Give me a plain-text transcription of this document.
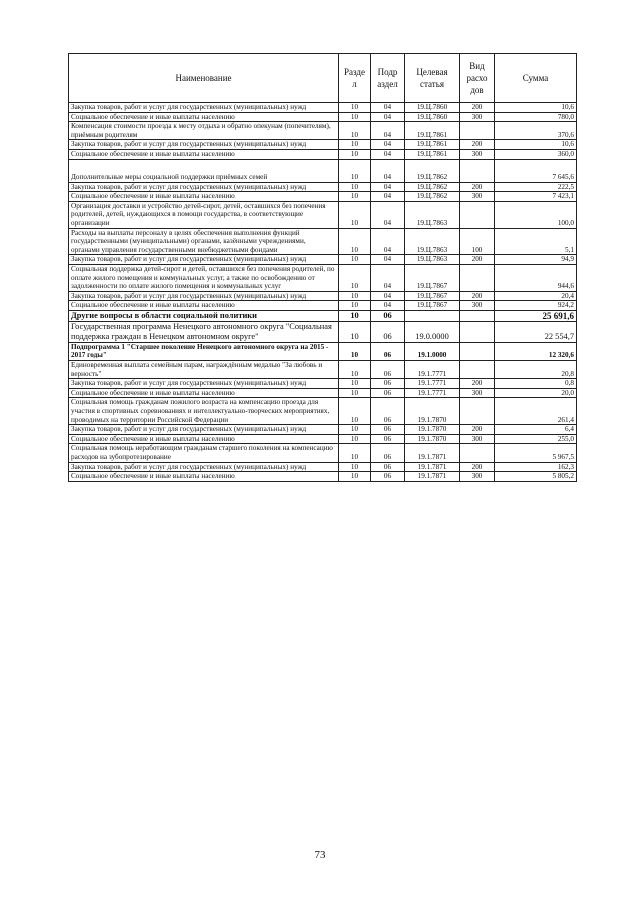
Наименование	Разде л	Подр аздел	Целевая статья	Вид расхо дов	Сумма
Закупка товаров, работ и услуг для государственных (муниципальных) нужд	10	04	19.Ц.7860	200	10,6
Социальное обеспечение и иные выплаты населению	10	04	19.Ц.7860	300	780,0
Компенсация стоимости проезда к месту отдыха и обратно опекунам (попечителям), приёмным родителям	10	04	19.Ц.7861		370,6
Закупка товаров, работ и услуг для государственных (муниципальных) нужд	10	04	19.Ц.7861	200	10,6
Социальное обеспечение и иные выплаты населению	10	04	19.Ц.7861	300	360,0
Дополнительные меры социальной поддержки приёмных семей	10	04	19.Ц.7862		7 645,6
Закупка товаров, работ и услуг для государственных (муниципальных) нужд	10	04	19.Ц.7862	200	222,5
Социальное обеспечение и иные выплаты населению	10	04	19.Ц.7862	300	7 423,1
Организация доставки и устройство детей-сирот, детей, оставшихся без попечения родителей, детей, нуждающихся в помощи государства, в соответствующие организации	10	04	19.Ц.7863		100,0
Расходы на выплаты персоналу в целях обеспечения выполнения функций государственными (муниципальными) органами, казёнными учреждениями, органами управления государственными внебюджетными фондами	10	04	19.Ц.7863	100	5,1
Закупка товаров, работ и услуг для государственных (муниципальных) нужд	10	04	19.Ц.7863	200	94,9
Социальная поддержка детей-сирот и детей, оставшихся без попечения родителей, по оплате жилого помещения и коммунальных услуг, а также по освобождению от задолженности по оплате жилого помещения и коммунальных услуг	10	04	19.Ц.7867		944,6
Закупка товаров, работ и услуг для государственных (муниципальных) нужд	10	04	19.Ц.7867	200	20,4
Социальное обеспечение и иные выплаты населению	10	04	19.Ц.7867	300	924,2
Другие вопросы в области социальной политики	10	06			25 691,6
Государственная программа Ненецкого автономного округа "Социальная поддержка граждан в Ненецком автономном округе"	10	06	19.0.0000		22 554,7
Подпрограмма 1 "Старшее поколение Ненецкого автономного округа на 2015 - 2017 годы"	10	06	19.1.0000		12 320,6
Единовременная выплата семейным парам, награждённым медалью "За любовь и верность"	10	06	19.1.7771		20,8
Закупка товаров, работ и услуг для государственных (муниципальных) нужд	10	06	19.1.7771	200	0,8
Социальное обеспечение и иные выплаты населению	10	06	19.1.7771	300	20,0
Социальная помощь гражданам пожилого возраста на компенсацию проезда для участия в спортивных соревнованиях и интеллектуально-творческих мероприятиях, проводимых на территории Российской Федерации	10	06	19.1.7870		261,4
Закупка товаров, работ и услуг для государственных (муниципальных) нужд	10	06	19.1.7870	200	6,4
Социальное обеспечение и иные выплаты населению	10	06	19.1.7870	300	255,0
Социальная помощь неработающим гражданам старшего поколения на компенсацию расходов на зубопротезирование	10	06	19.1.7871		5 967,5
Закупка товаров, работ и услуг для государственных (муниципальных) нужд	10	06	19.1.7871	200	162,3
Социальное обеспечение и иные выплаты населению	10	06	19.1.7871	300	5 805,2
73
